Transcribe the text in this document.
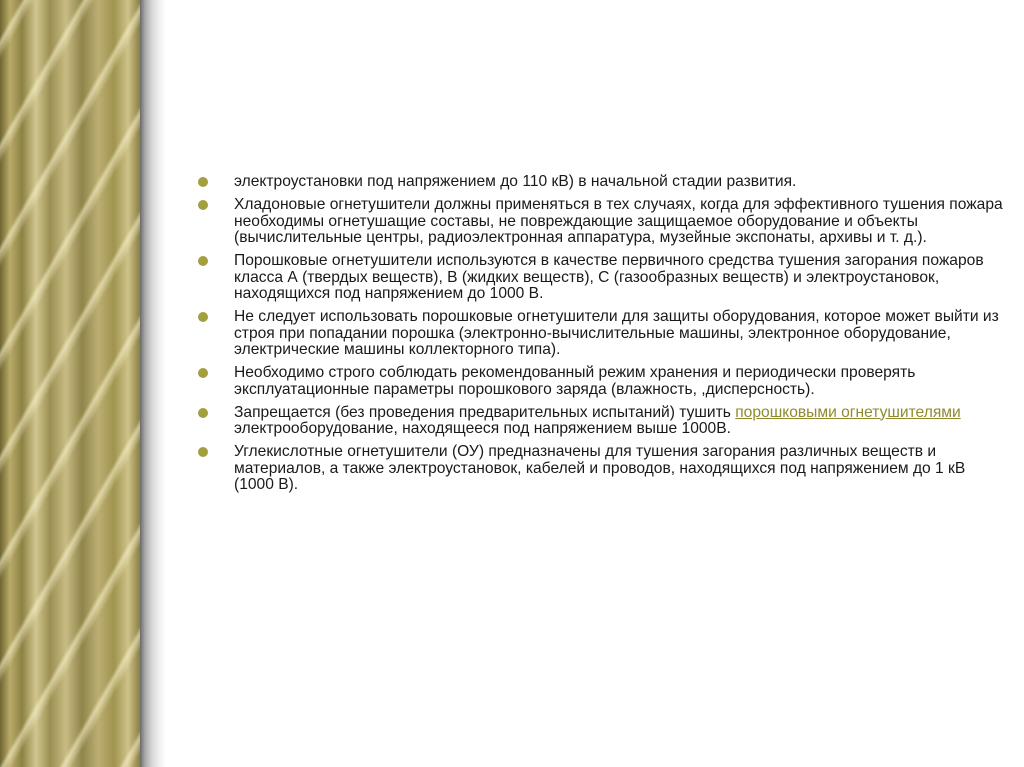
электроустановки под напряжением до 110 кВ) в начальной стадии развития.
Хладоновые огнетушители должны применяться в тех случаях, когда для эффективного тушения пожара необходимы огнетушащие составы, не повреждающие защищаемое оборудование и объекты (вычислительные центры, радиоэлектронная аппаратура, музейные экспонаты, архивы и т. д.).
Порошковые огнетушители используются в качестве первичного средства тушения загорания пожаров класса А (твердых веществ), В (жидких веществ), С (газообразных веществ) и электроустановок, находящихся под напряжением до 1000 В.
Не следует использовать порошковые огнетушители для защиты оборудования, которое может выйти из строя при попадании порошка (электронно-вычислительные машины, электронное оборудование, электрические машины коллекторного типа).
Необходимо строго соблюдать рекомендованный режим хранения и периодически проверять эксплуатационные параметры порошкового заряда (влажность, ,дисперсность).
Запрещается (без проведения предварительных испытаний) тушить порошковыми огнетушителями электрооборудование, находящееся под напряжением выше 1000В.
Углекислотные огнетушители (ОУ) предназначены для тушения загорания различных веществ и материалов, а также электроустановок, кабелей и проводов, находящихся под напряжением до 1 кВ (1000 В).
